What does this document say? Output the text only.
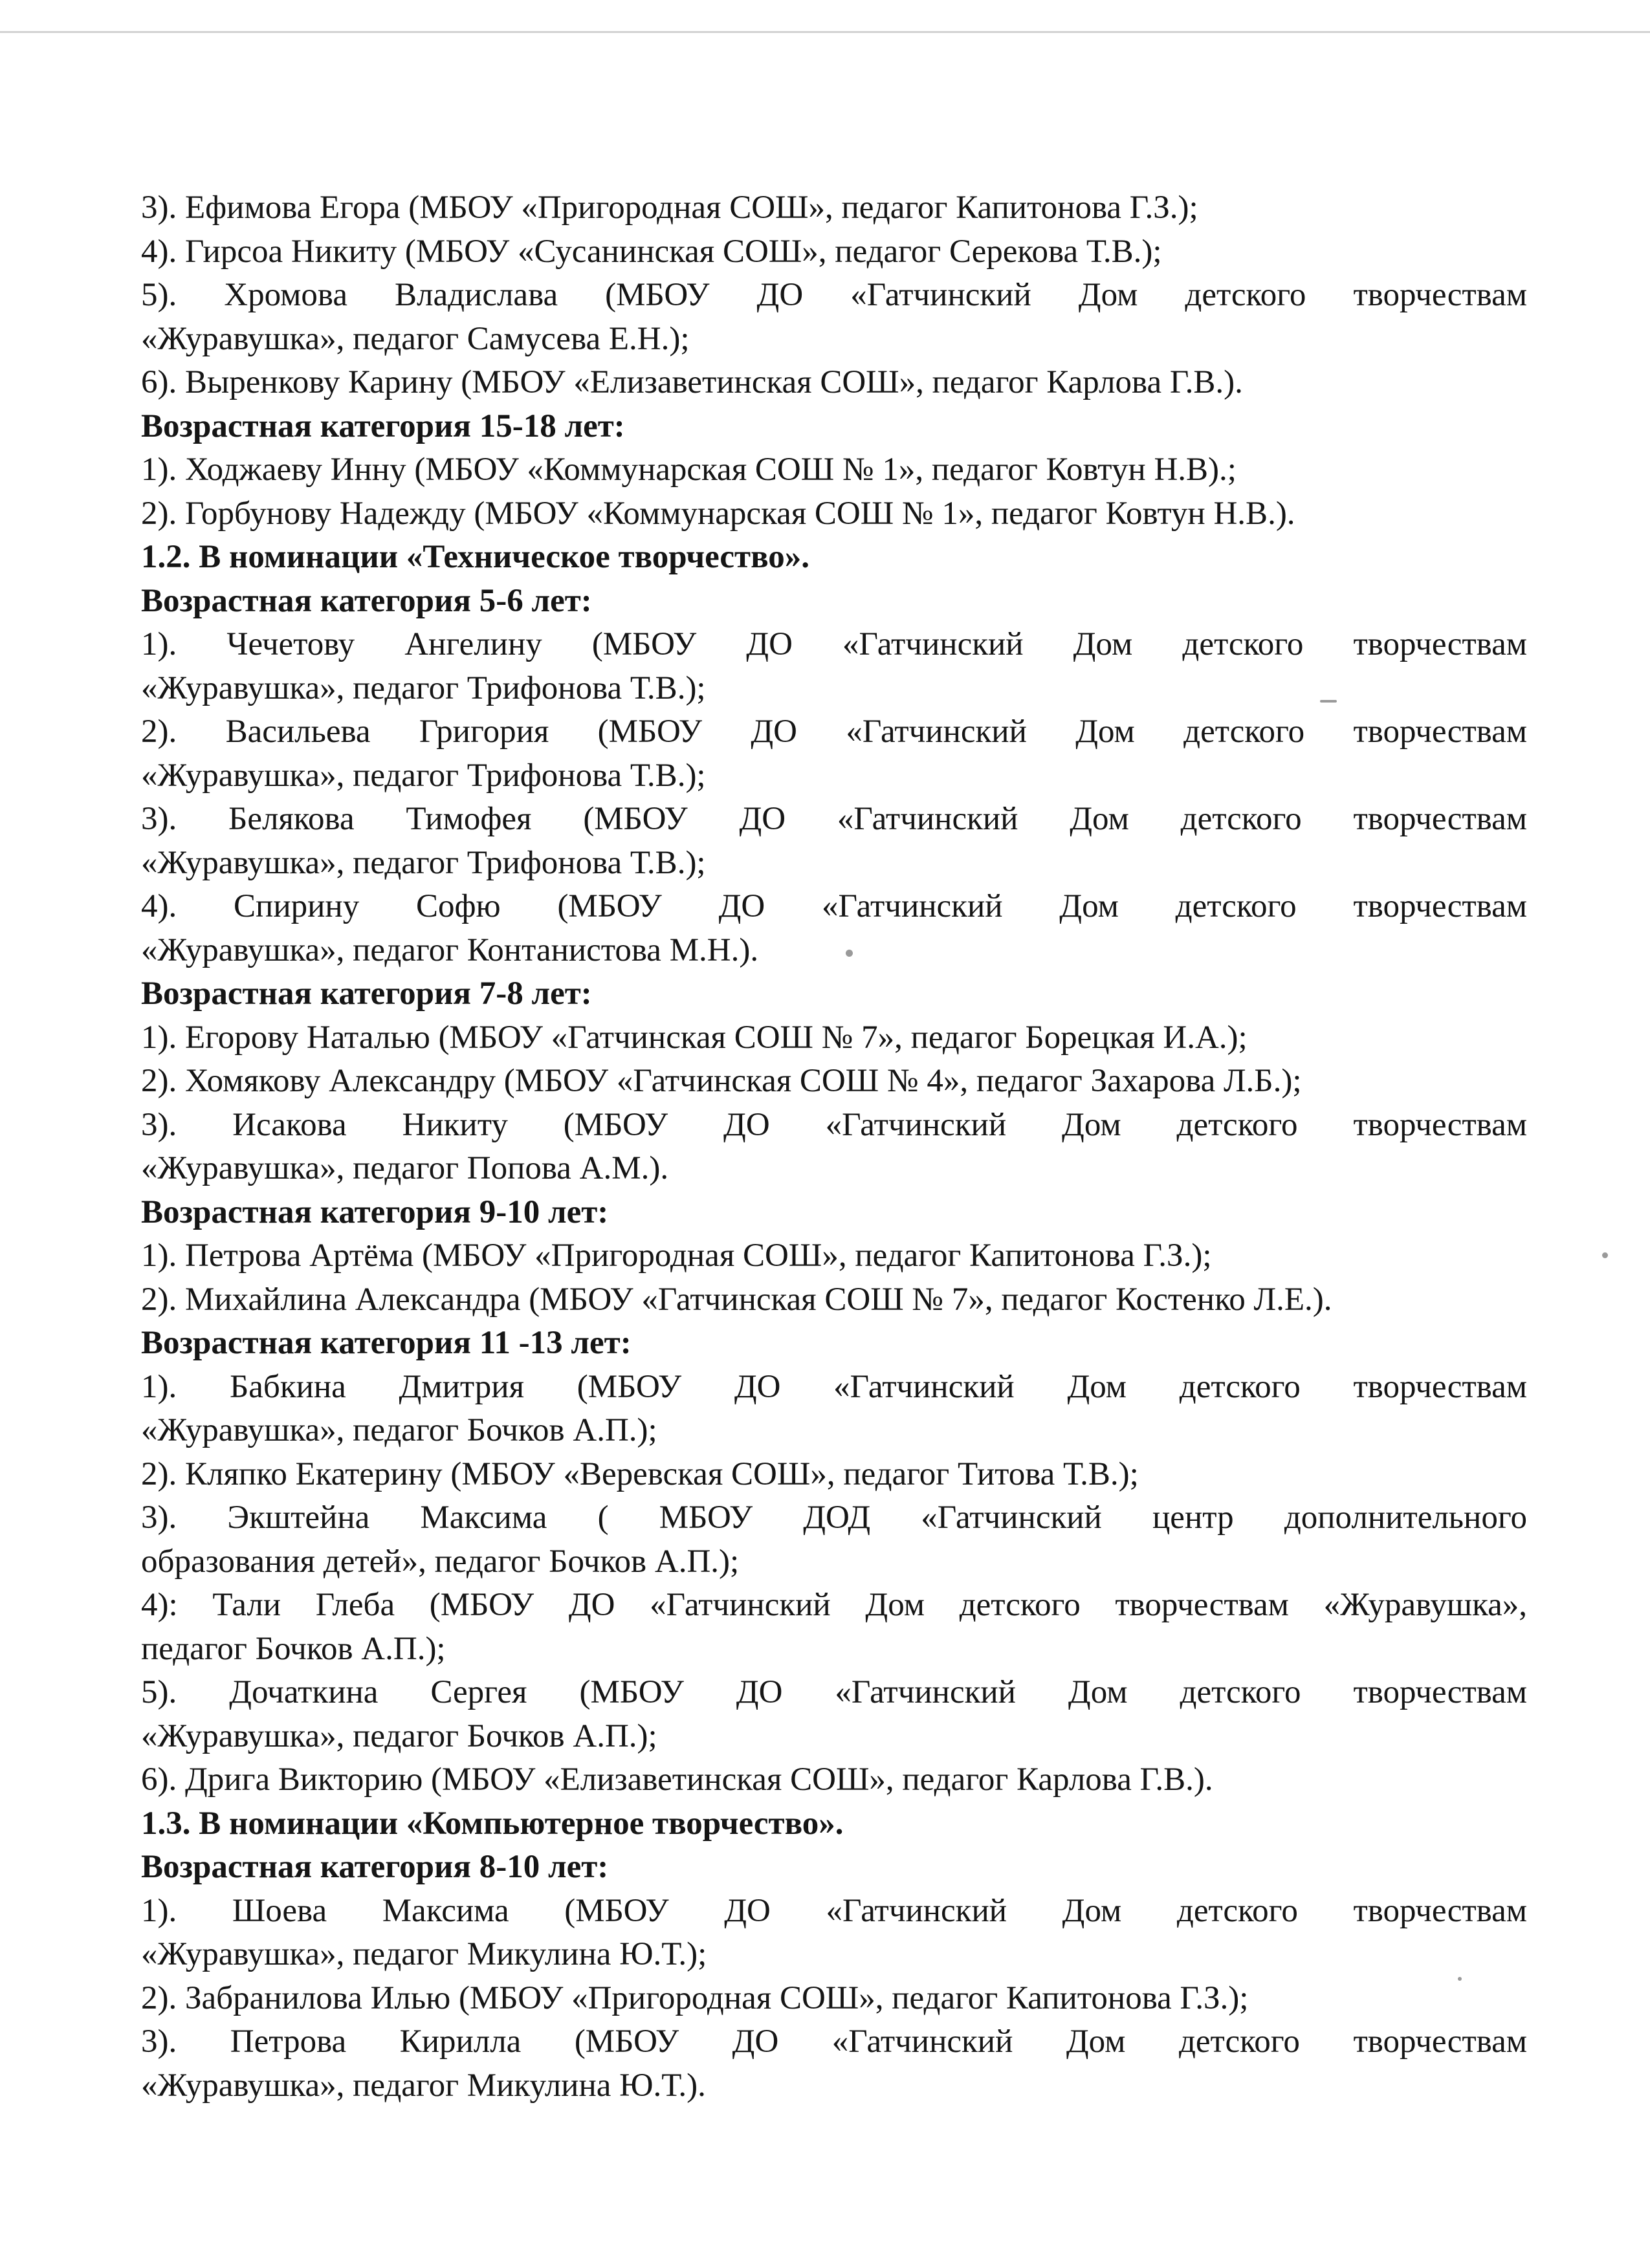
3). Ефимова Егора (МБОУ «Пригородная СОШ», педагог Капитонова Г.З.);
4). Гирсоа Никиту (МБОУ «Сусанинская СОШ», педагог Серекова Т.В.);
5). Хромова Владислава (МБОУ ДО «Гатчинский Дом детского творчествам
«Журавушка», педагог Самусева Е.Н.);
6). Выренкову Карину (МБОУ «Елизаветинская СОШ», педагог Карлова Г.В.).
Возрастная категория 15-18 лет:
1). Ходжаеву Инну (МБОУ «Коммунарская СОШ № 1», педагог Ковтун Н.В).;
2). Горбунову Надежду (МБОУ «Коммунарская СОШ № 1», педагог Ковтун Н.В.).
1.2. В номинации «Техническое творчество».
Возрастная категория 5-6 лет:
1). Чечетову Ангелину (МБОУ ДО «Гатчинский Дом детского творчествам
«Журавушка», педагог Трифонова Т.В.);
2). Васильева Григория (МБОУ ДО «Гатчинский Дом детского творчествам
«Журавушка», педагог Трифонова Т.В.);
3). Белякова Тимофея (МБОУ ДО «Гатчинский Дом детского творчествам
«Журавушка», педагог Трифонова Т.В.);
4). Спирину Софю (МБОУ ДО «Гатчинский Дом детского творчествам
«Журавушка», педагог Контанистова М.Н.).
Возрастная категория 7-8 лет:
1). Егорову Наталью (МБОУ «Гатчинская СОШ № 7», педагог Борецкая И.А.);
2). Хомякову Александру (МБОУ «Гатчинская СОШ № 4», педагог Захарова Л.Б.);
3). Исакова Никиту (МБОУ ДО «Гатчинский Дом детского творчествам
«Журавушка», педагог Попова А.М.).
Возрастная категория 9-10 лет:
1). Петрова Артёма (МБОУ «Пригородная СОШ», педагог Капитонова Г.З.);
2). Михайлина Александра (МБОУ «Гатчинская СОШ № 7», педагог Костенко Л.Е.).
Возрастная категория 11 -13 лет:
1). Бабкина Дмитрия (МБОУ ДО «Гатчинский Дом детского творчествам
«Журавушка», педагог Бочков А.П.);
2). Кляпко Екатерину (МБОУ «Веревская СОШ», педагог Титова Т.В.);
3). Экштейна Максима ( МБОУ ДОД «Гатчинский центр дополнительного
образования детей», педагог Бочков А.П.);
4): Тали Глеба (МБОУ ДО «Гатчинский Дом детского творчествам «Журавушка»,
педагог Бочков А.П.);
5). Дочаткина Сергея (МБОУ ДО «Гатчинский Дом детского творчествам
«Журавушка», педагог Бочков А.П.);
6). Дрига Викторию (МБОУ «Елизаветинская СОШ», педагог Карлова Г.В.).
1.3. В номинации «Компьютерное творчество».
Возрастная категория 8-10 лет:
1). Шоева Максима (МБОУ ДО «Гатчинский Дом детского творчествам
«Журавушка», педагог Микулина Ю.Т.);
2). Забранилова Илью (МБОУ «Пригородная СОШ», педагог Капитонова Г.З.);
3). Петрова Кирилла (МБОУ ДО «Гатчинский Дом детского творчествам
«Журавушка», педагог Микулина Ю.Т.).
